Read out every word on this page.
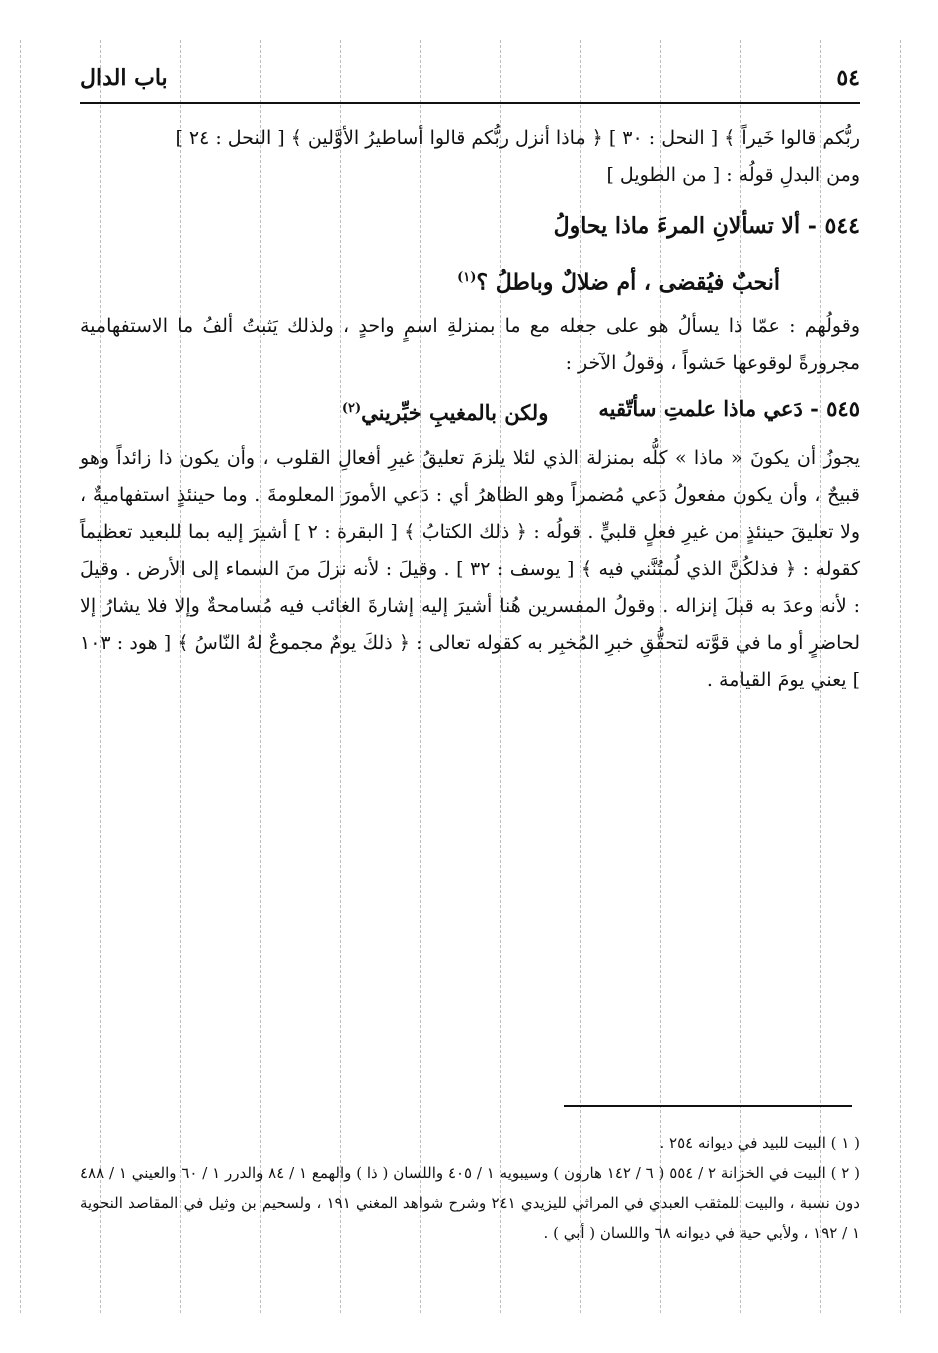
٥٤
باب الدال

ربُّكم قالوا خَيراً ﴾ [ النحل : ٣٠ ] ﴿ ماذا أنزل ربُّكم قالوا أساطيرُ الأوَّلين ﴾ [ النحل : ٢٤ ]

ومن البدلِ قولُه : [ من الطويل ]

٥٤٤ - ألا تسألانِ المرءَ ماذا يحاولُ
أنحبٌ فيُقضى ، أم ضلالٌ وباطلُ ؟$^{(١)}$

وقولُهم : عمّا ذا يسألُ هو على جعله مع ما بمنزلةِ اسمٍ واحدٍ ، ولذلك يَثبتُ ألفُ ما الاستفهامية مجرورةً لوقوعها حَشواً ، وقولُ الآخر :

٥٤٥ - دَعي ماذا علمتِ سأتّقيه
ولكن بالمغيبِ خبِّريني$^{(٢)}$

يجوزُ أن يكونَ « ماذا » كلُّه بمنزلة الذي لئلا يلزمَ تعليقُ غيرِ أفعالِ القلوب ، وأن يكون ذا زائداً وهو قبيحٌ ، وأن يكون مفعولُ دَعي مُضمراً وهو الظاهرُ أي : دَعي الأمورَ المعلومةَ . وما حينئذٍ استفهاميةٌ ، ولا تعليقَ حينئذٍ من غيرِ فعلٍ قلبيٍّ . قولُه : ﴿ ذلك الكتابُ ﴾ [ البقرة : ٢ ] أشيرَ إليه بما للبعيد تعظيماً كقوله : ﴿ فذلكُنَّ الذي لُمتُنَّني فيه ﴾ [ يوسف : ٣٢ ] . وقيلَ : لأنه نزلَ منَ السماء إلى الأرض . وقيلَ : لأنه وعدَ به قبلَ إنزاله . وقولُ المفسرين هُنا أشيرَ إليه إشارةَ الغائب فيه مُسامحةٌ وإلا فلا يشارُ إلا لحاضرٍ أو ما في قوَّته لتحقُّقِ خبرِ المُخبِر به كقوله تعالى : ﴿ ذلكَ يومٌ مجموعٌ لهُ النّاسُ ﴾ [ هود : ١٠٣ ] يعني يومَ القيامة .

( ١ ) البيت للبيد في ديوانه ٢٥٤ .

( ٢ ) البيت في الخزانة ٢ / ٥٥٤ ( ٦ / ١٤٢ هارون ) وسيبويه ١ / ٤٠٥ واللسان ( ذا ) والهمع ١ / ٨٤ والدرر ١ / ٦٠ والعيني ١ / ٤٨٨ دون نسبة ، والبيت للمثقب العبدي في المراثي لليزيدي ٢٤١ وشرح شواهد المغني ١٩١ ، ولسحيم بن وثيل في المقاصد النحوية ١ / ١٩٢ ، ولأبي حية في ديوانه ٦٨ واللسان ( أبي ) .
